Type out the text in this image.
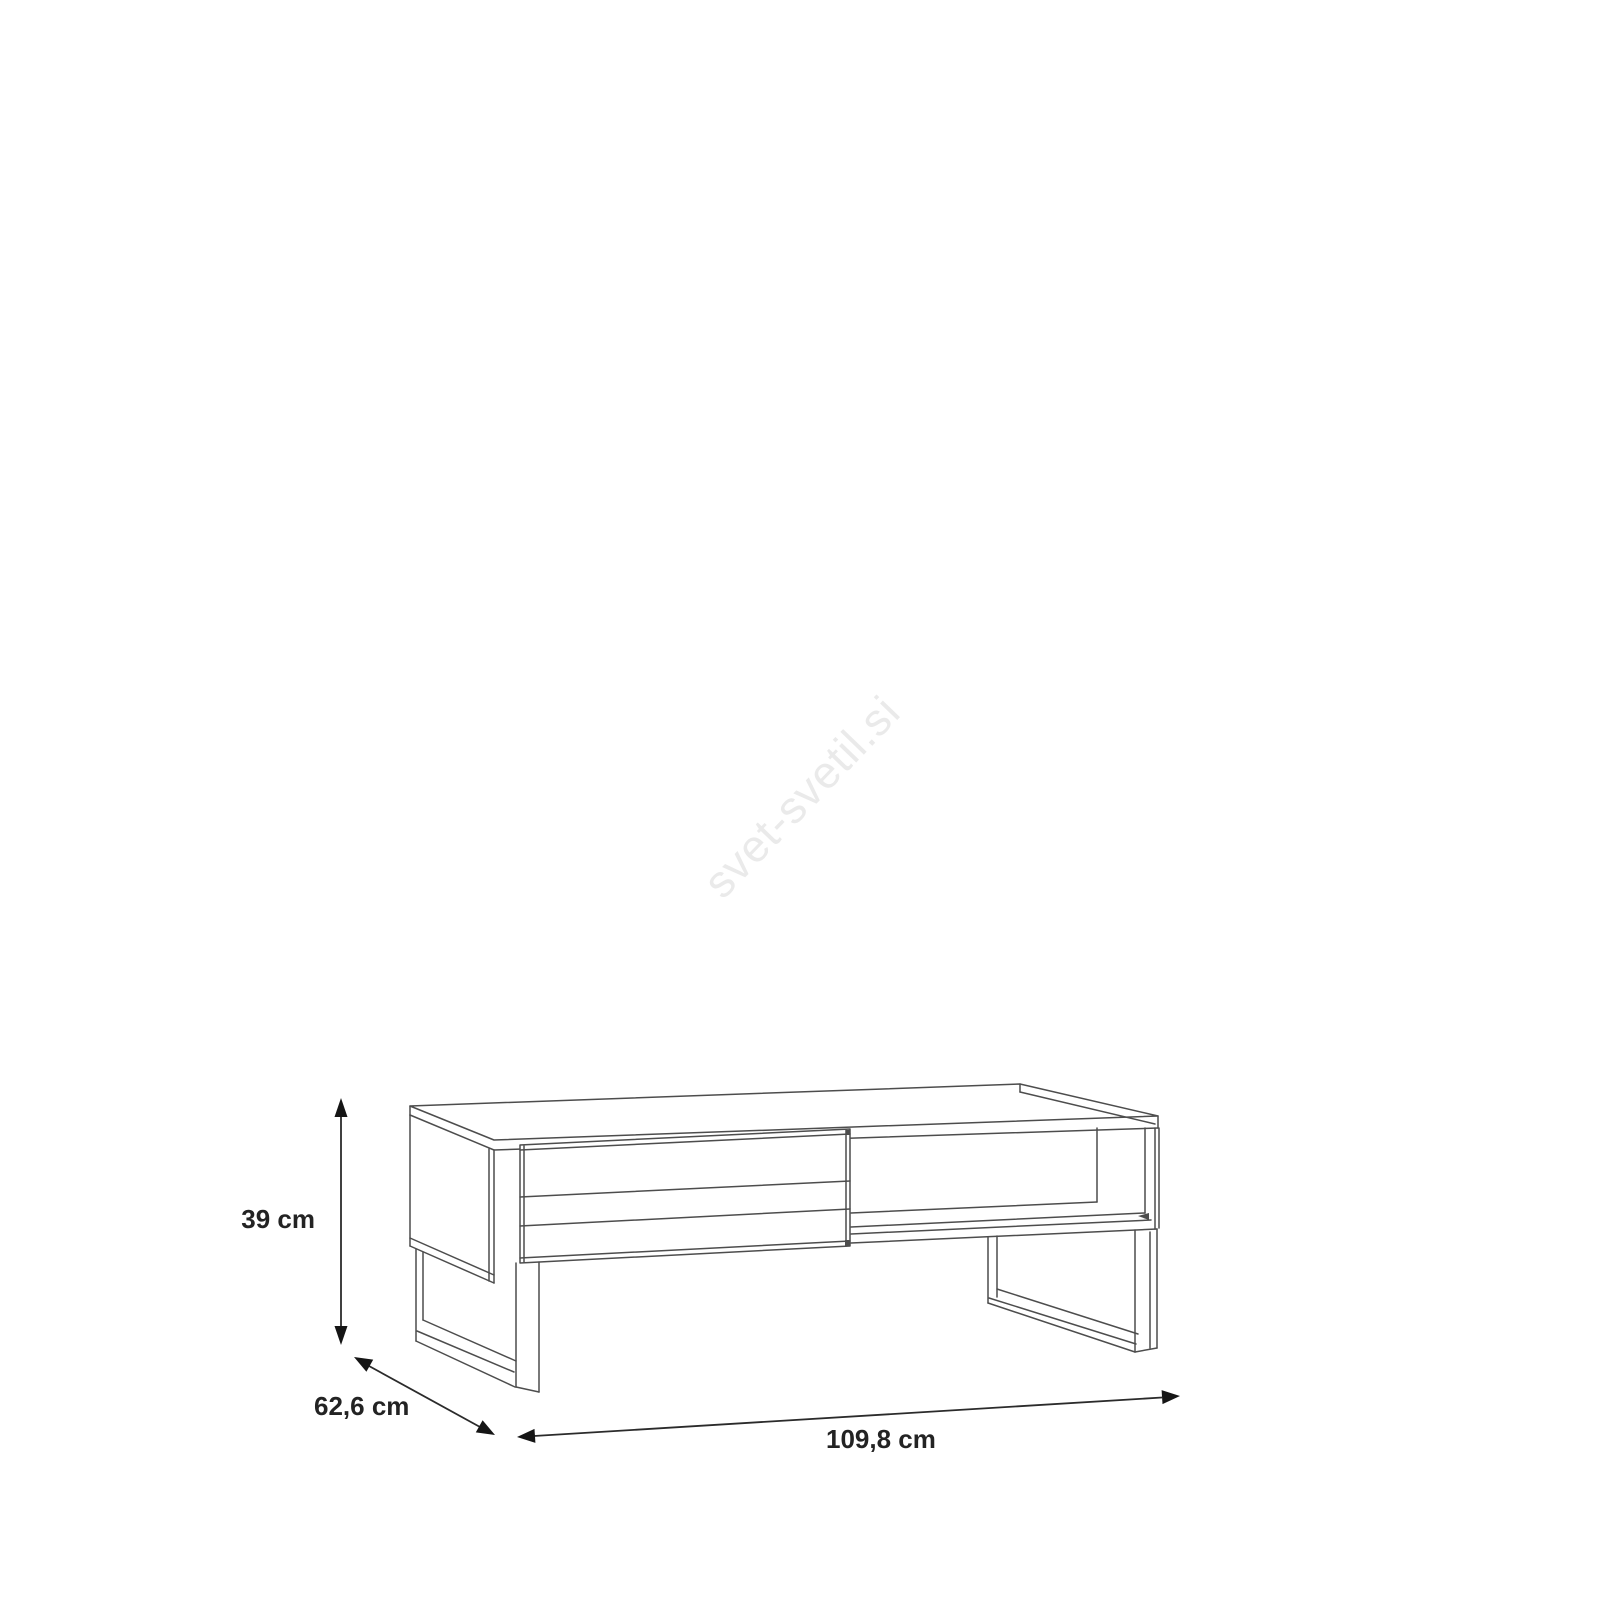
svet-svetil.si
39 cm
62,6 cm
109,8 cm
